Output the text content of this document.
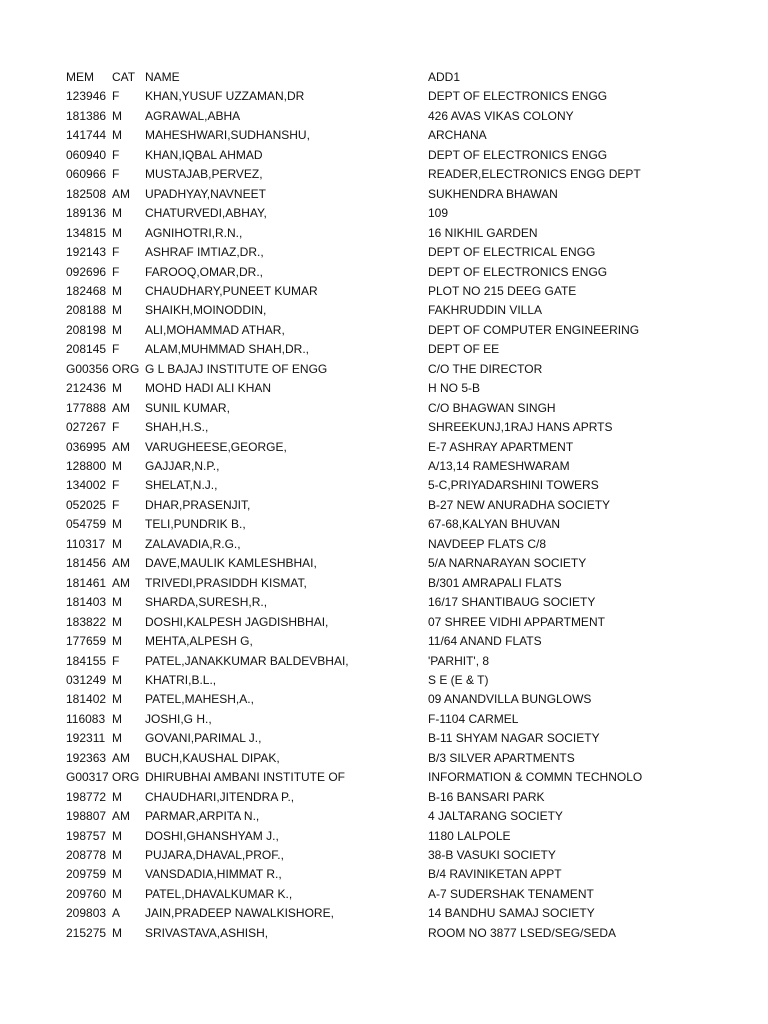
MEM CAT NAME	ADD1
123946 F KHAN,YUSUF UZZAMAN,DR	DEPT OF ELECTRONICS ENGG
181386 M AGRAWAL,ABHA	426 AVAS VIKAS COLONY
141744 M MAHESHWARI,SUDHANSHU,	ARCHANA
060940 F KHAN,IQBAL AHMAD	DEPT OF ELECTRONICS ENGG
060966 F MUSTAJAB,PERVEZ,	READER,ELECTRONICS ENGG DEPT
182508 AM UPADHYAY,NAVNEET	SUKHENDRA BHAWAN
189136 M CHATURVEDI,ABHAY,	109
134815 M AGNIHOTRI,R.N.,	16 NIKHIL GARDEN
192143 F ASHRAF IMTIAZ,DR.,	DEPT OF ELECTRICAL ENGG
092696 F FAROOQ,OMAR,DR.,	DEPT OF ELECTRONICS ENGG
182468 M CHAUDHARY,PUNEET KUMAR	PLOT NO 215 DEEG GATE
208188 M SHAIKH,MOINODDIN,	FAKHRUDDIN VILLA
208198 M ALI,MOHAMMAD ATHAR,	DEPT OF COMPUTER ENGINEERING
208145 F ALAM,MUHMMAD SHAH,DR.,	DEPT OF EE
G00356 ORG G L BAJAJ INSTITUTE OF ENGG	C/O THE DIRECTOR
212436 M MOHD HADI ALI KHAN	H NO 5-B
177888 AM SUNIL KUMAR,	C/O BHAGWAN SINGH
027267 F SHAH,H.S.,	SHREEKUNJ,1RAJ HANS APRTS
036995 AM VARUGHEESE,GEORGE,	E-7 ASHRAY APARTMENT
128800 M GAJJAR,N.P.,	A/13,14 RAMESHWARAM
134002 F SHELAT,N.J.,	5-C,PRIYADARSHINI TOWERS
052025 F DHAR,PRASENJIT,	B-27 NEW ANURADHA SOCIETY
054759 M TELI,PUNDRIK B.,	67-68,KALYAN BHUVAN
110317 M ZALAVADIA,R.G.,	NAVDEEP FLATS C/8
181456 AM DAVE,MAULIK KAMLESHBHAI,	5/A NARNARAYAN SOCIETY
181461 AM TRIVEDI,PRASIDDH KISMAT,	B/301 AMRAPALI FLATS
181403 M SHARDA,SURESH,R.,	16/17 SHANTIBAUG SOCIETY
183822 M DOSHI,KALPESH JAGDISHBHAI,	07 SHREE VIDHI APPARTMENT
177659 M MEHTA,ALPESH G,	11/64 ANAND FLATS
184155 F PATEL,JANAKKUMAR BALDEVBHAI,	'PARHIT', 8
031249 M KHATRI,B.L.,	S E (E & T)
181402 M PATEL,MAHESH,A.,	09 ANANDVILLA BUNGLOWS
116083 M JOSHI,G H.,	F-1104 CARMEL
192311 M GOVANI,PARIMAL J.,	B-11 SHYAM NAGAR SOCIETY
192363 AM BUCH,KAUSHAL DIPAK,	B/3 SILVER APARTMENTS
G00317 ORG DHIRUBHAI AMBANI INSTITUTE OF	INFORMATION & COMMN TECHNOLO
198772 M CHAUDHARI,JITENDRA P.,	B-16 BANSARI PARK
198807 AM PARMAR,ARPITA N.,	4 JALTARANG SOCIETY
198757 M DOSHI,GHANSHYAM J.,	1180 LALPOLE
208778 M PUJARA,DHAVAL,PROF.,	38-B VASUKI SOCIETY
209759 M VANSDADIA,HIMMAT R.,	B/4 RAVINIKETAN APPT
209760 M PATEL,DHAVALKUMAR K.,	A-7 SUDERSHAK TENAMENT
209803 A JAIN,PRADEEP NAWALKISHORE,	14 BANDHU SAMAJ SOCIETY
215275 M SRIVASTAVA,ASHISH,	ROOM NO 3877 LSED/SEG/SEDA
